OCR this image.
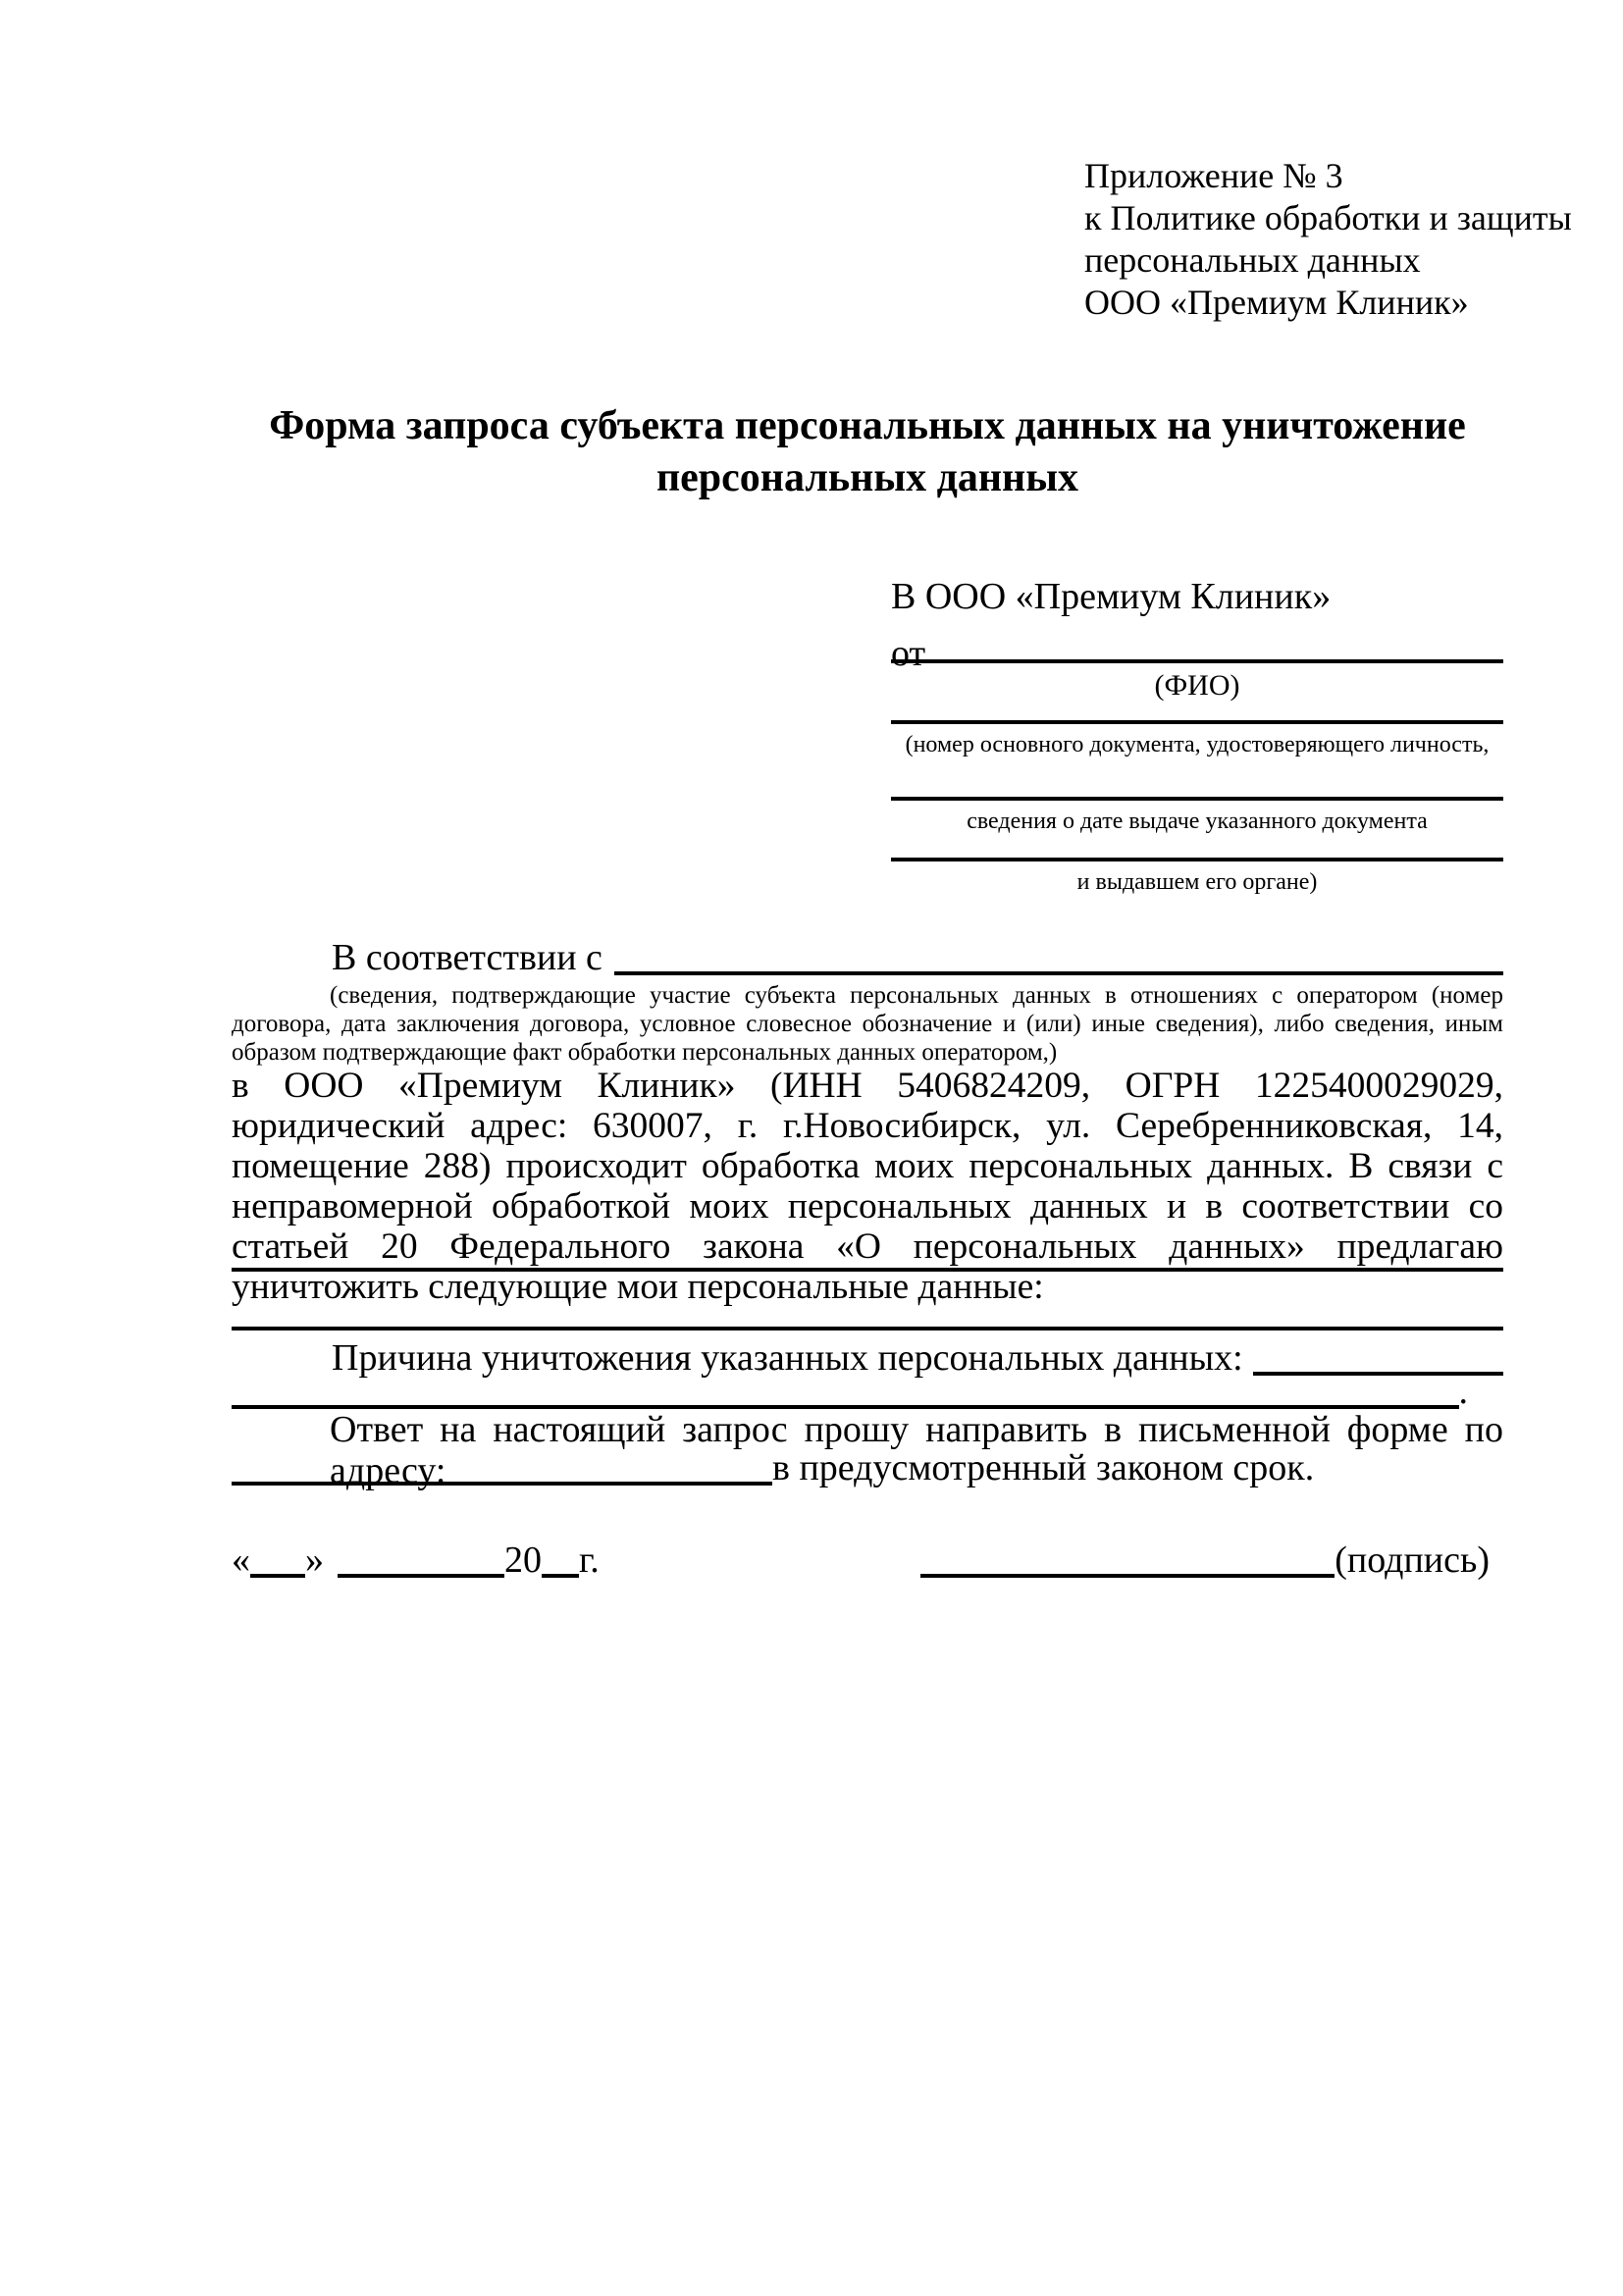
Приложение № 3
к Политике обработки и защиты
персональных данных
ООО «Премиум Клиник»
Форма запроса субъекта персональных данных на уничтожение
персональных данных
В ООО «Премиум Клиник»
от
(ФИО)
(номер основного документа, удостоверяющего личность,
сведения о дате выдаче указанного документа
и выдавшем его органе)
В соответствии с
(сведения, подтверждающие участие субъекта персональных данных в отношениях с оператором (номер договора, дата заключения договора, условное словесное обозначение и (или) иные сведения), либо сведения, иным образом подтверждающие факт обработки персональных данных оператором,)
в ООО «Премиум Клиник» (ИНН 5406824209, ОГРН 1225400029029, юридический адрес: 630007, г. г.Новосибирск, ул. Серебренниковская, 14, помещение 288) происходит обработка моих персональных данных. В связи с неправомерной обработкой моих персональных данных и в соответствии со статьей 20 Федерального закона «О персональных данных» предлагаю уничтожить следующие мои персональные данные:
Причина уничтожения указанных персональных данных:
.
Ответ на настоящий запрос прошу направить в письменной форме по адресу:	в предусмотренный законом срок.
« »	20 г.	(подпись)
